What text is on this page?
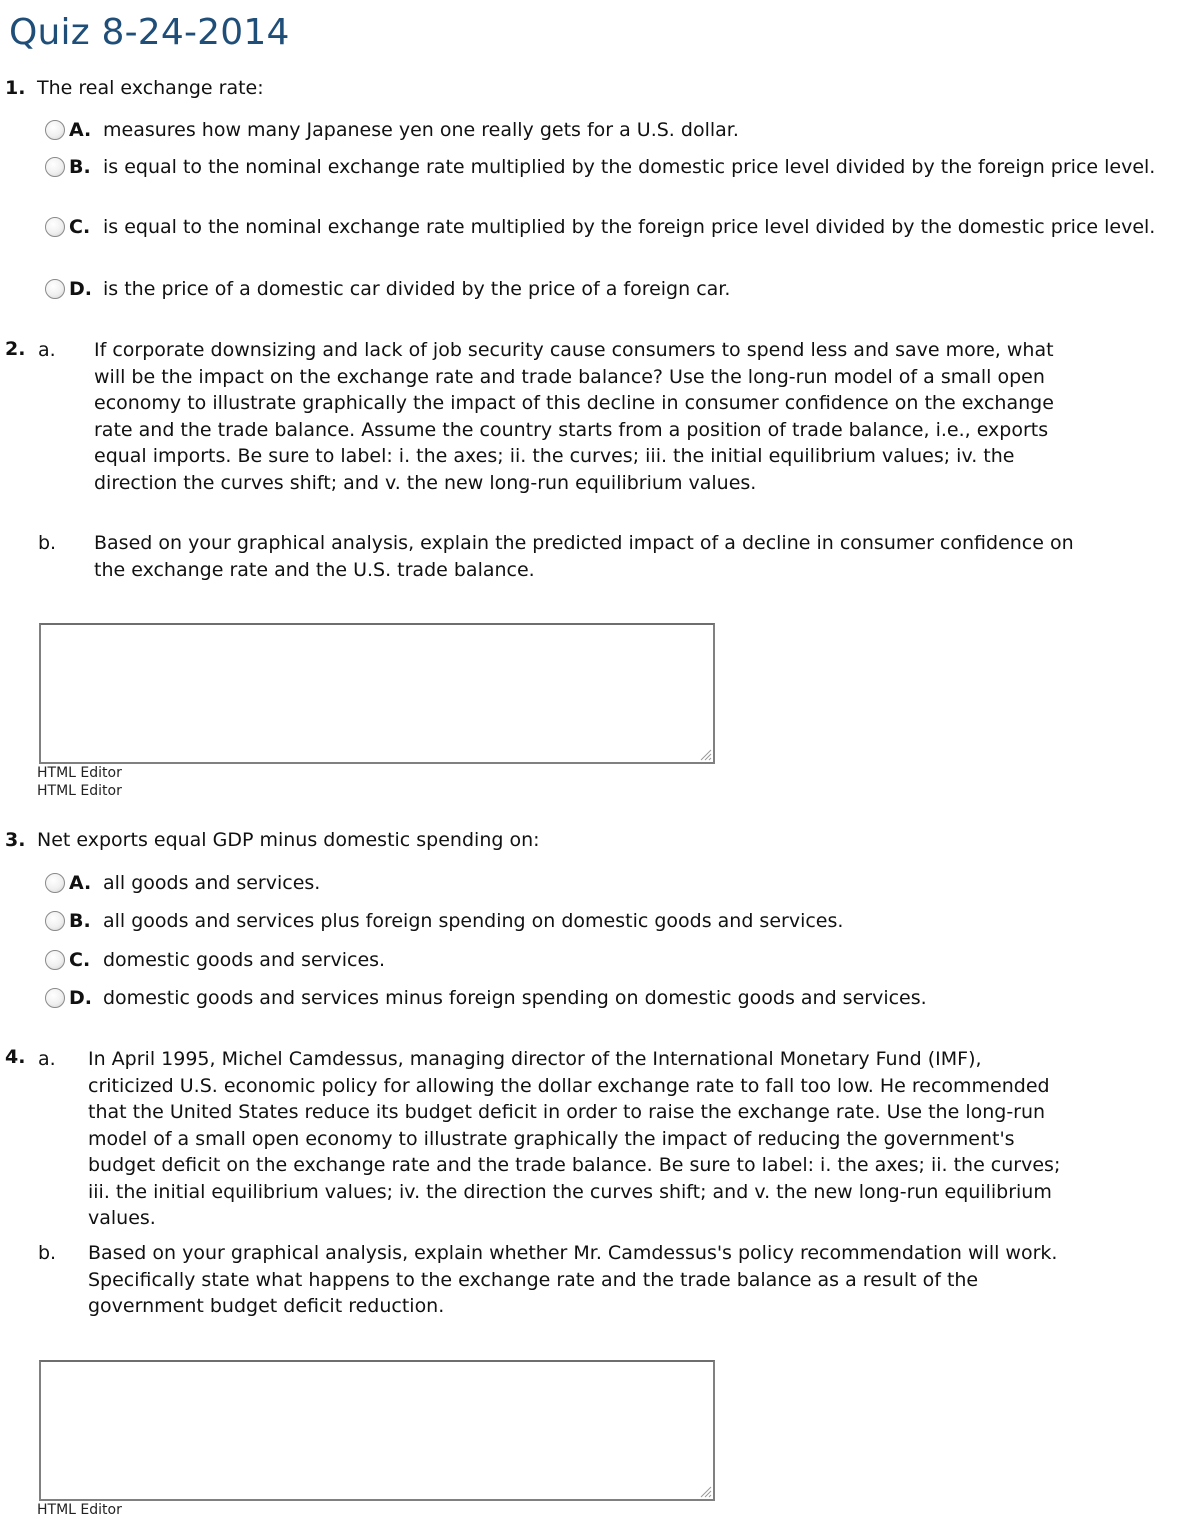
Quiz 8-24-2014
1. The real exchange rate:
A. measures how many Japanese yen one really gets for a U.S. dollar.
B. is equal to the nominal exchange rate multiplied by the domestic price level divided by the foreign price level.
C. is equal to the nominal exchange rate multiplied by the foreign price level divided by the domestic price level.
D. is the price of a domestic car divided by the price of a foreign car.
2. a.	If corporate downsizing and lack of job security cause consumers to spend less and save more, what will be the impact on the exchange rate and trade balance? Use the long-run model of a small open economy to illustrate graphically the impact of this decline in consumer confidence on the exchange rate and the trade balance. Assume the country starts from a position of trade balance, i.e., exports equal imports. Be sure to label: i. the axes; ii. the curves; iii. the initial equilibrium values; iv. the direction the curves shift; and v. the new long-run equilibrium values.
b.	Based on your graphical analysis, explain the predicted impact of a decline in consumer confidence on the exchange rate and the U.S. trade balance.
HTML Editor
HTML Editor
3. Net exports equal GDP minus domestic spending on:
A. all goods and services.
B. all goods and services plus foreign spending on domestic goods and services.
C. domestic goods and services.
D. domestic goods and services minus foreign spending on domestic goods and services.
4. a.	In April 1995, Michel Camdessus, managing director of the International Monetary Fund (IMF), criticized U.S. economic policy for allowing the dollar exchange rate to fall too low. He recommended that the United States reduce its budget deficit in order to raise the exchange rate. Use the long-run model of a small open economy to illustrate graphically the impact of reducing the government's budget deficit on the exchange rate and the trade balance. Be sure to label: i. the axes; ii. the curves; iii. the initial equilibrium values; iv. the direction the curves shift; and v. the new long-run equilibrium values.
b.	Based on your graphical analysis, explain whether Mr. Camdessus's policy recommendation will work. Specifically state what happens to the exchange rate and the trade balance as a result of the government budget deficit reduction.
HTML Editor
